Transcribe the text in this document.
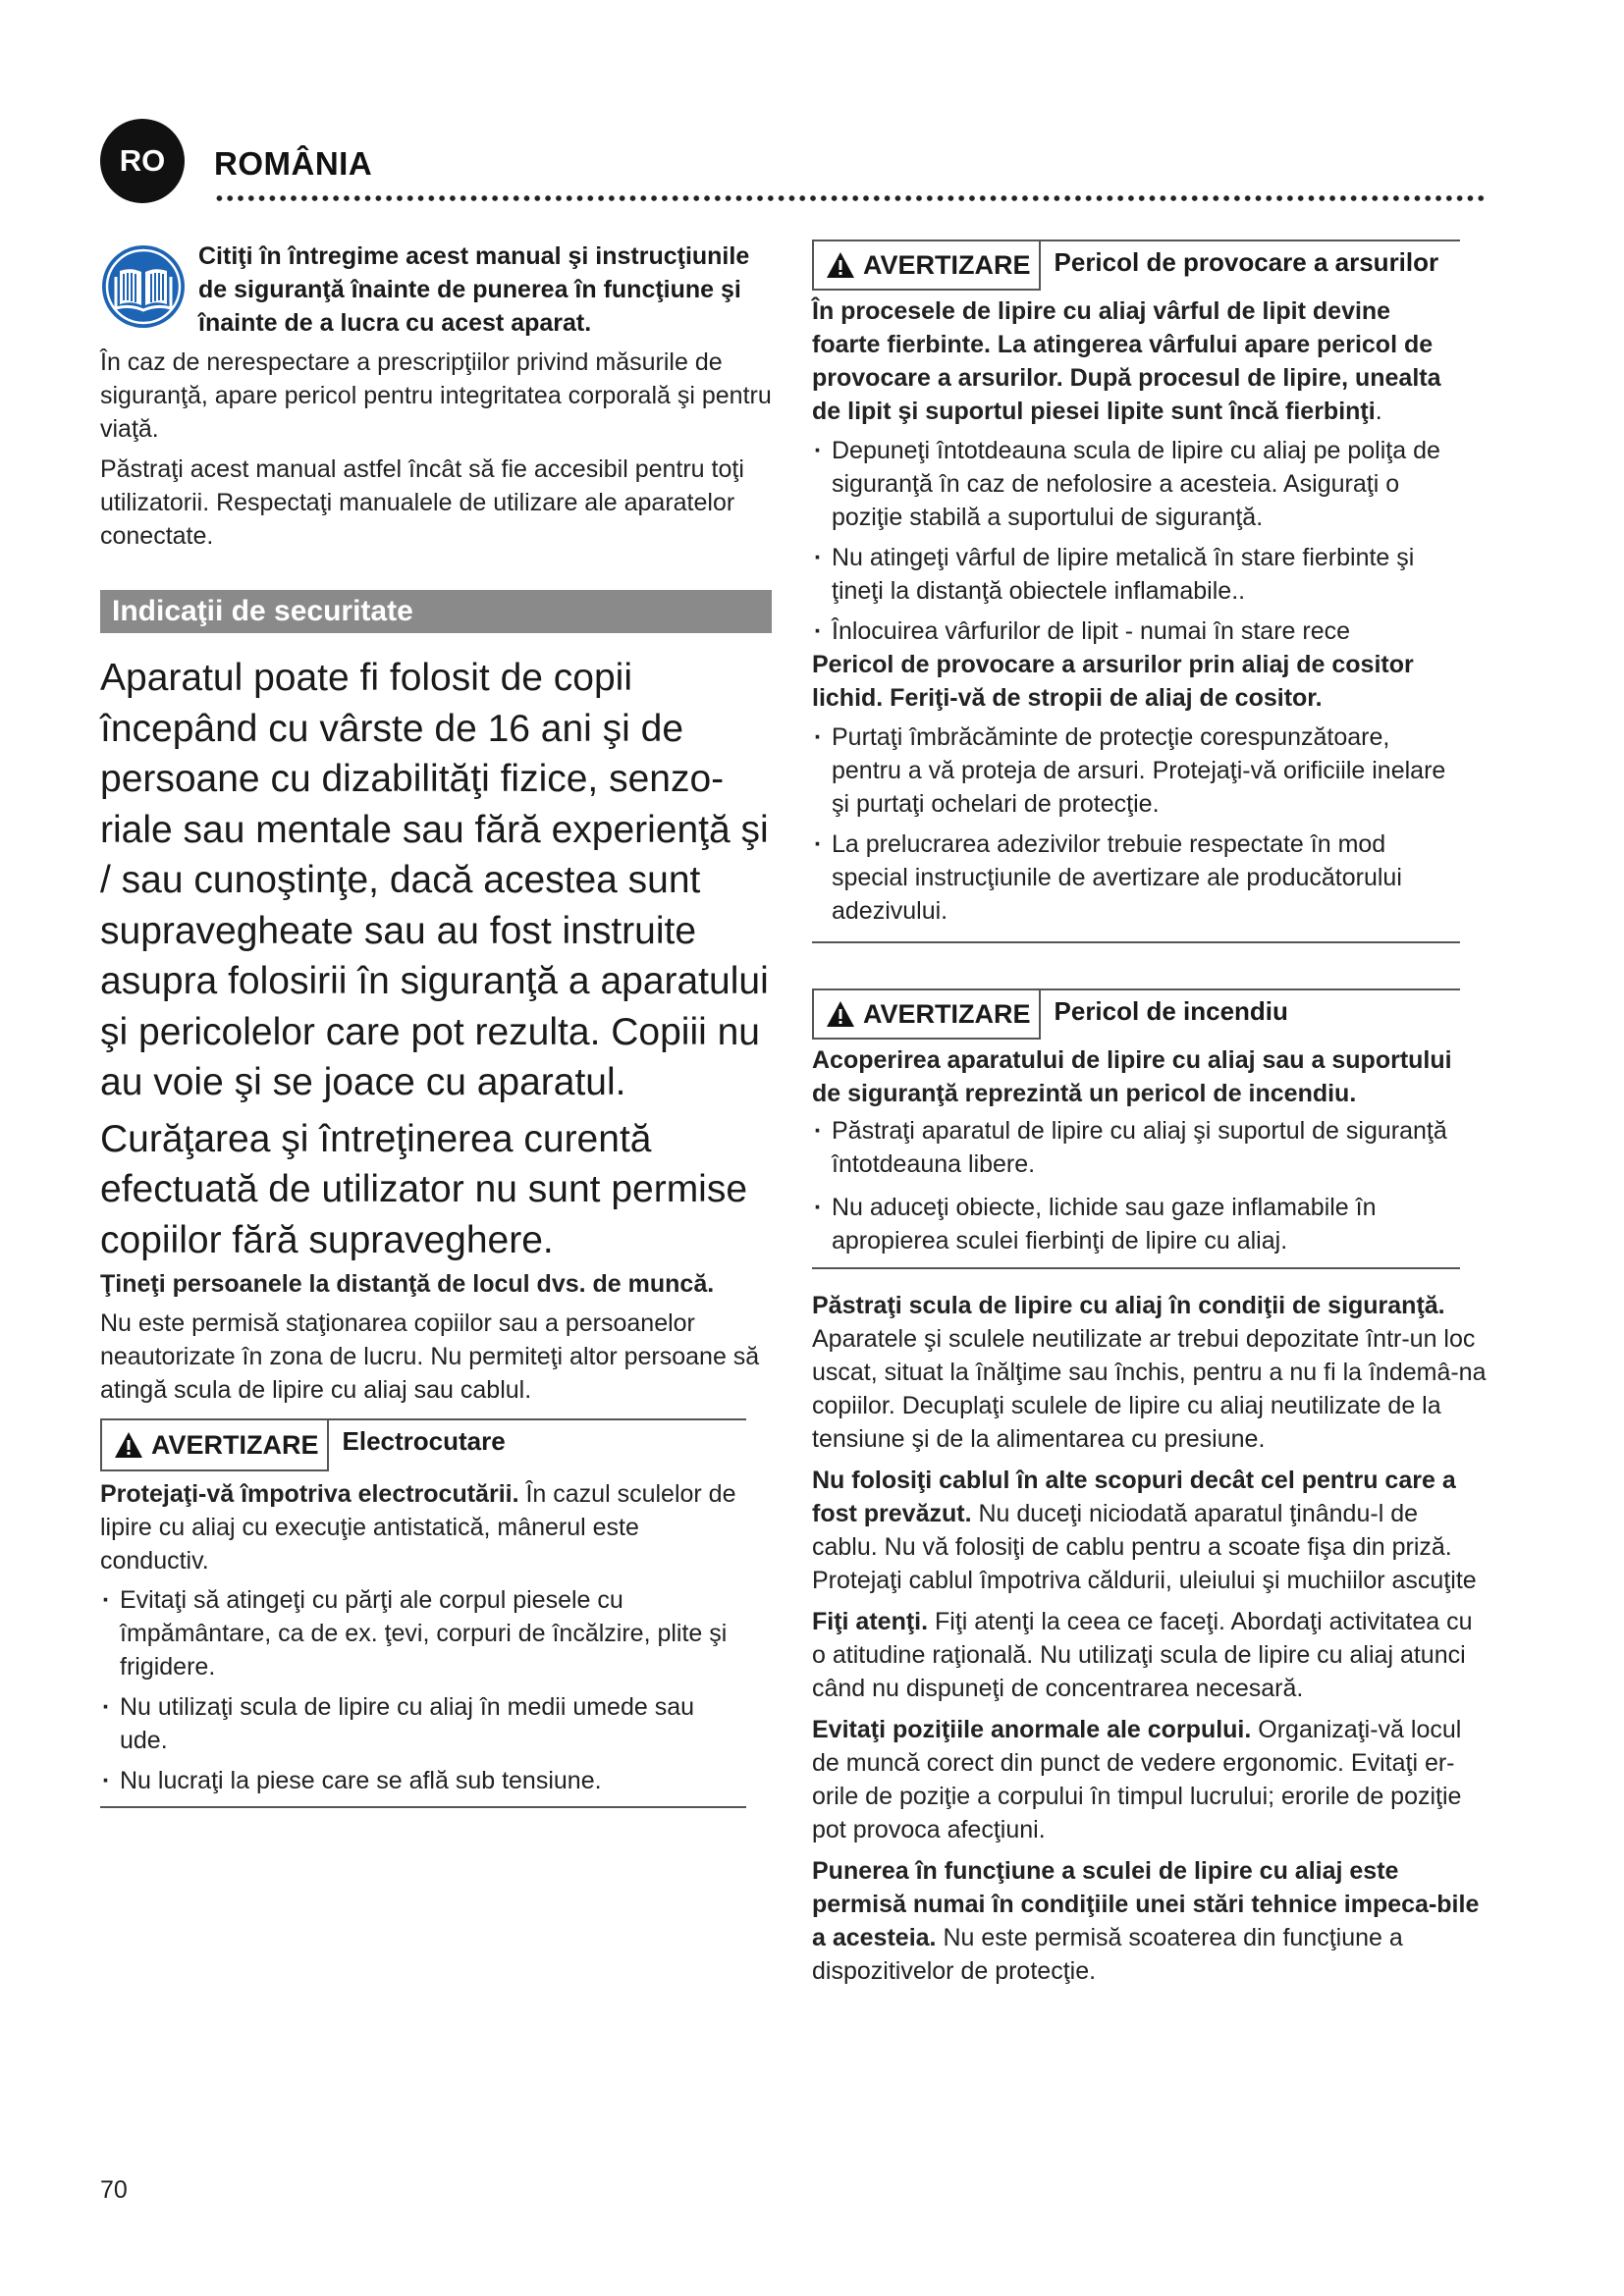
RO	ROMÂNIA

Citiţi în întregime acest manual şi instrucţiunile de siguranţă înainte de punerea în funcţiune şi înainte de a lucra cu acest aparat.

În caz de nerespectare a prescripţiilor privind măsurile de siguranţă, apare pericol pentru integritatea corporală şi pentru viaţă.

Păstraţi acest manual astfel încât să fie accesibil pentru toţi utilizatorii. Respectaţi manualele de utilizare ale aparatelor conectate.

Indicaţii de securitate

Aparatul poate fi folosit de copii începând cu vârste de 16 ani şi de persoane cu dizabilităţi fizice, senzo-riale sau mentale sau fără experienţă şi / sau cunoştinţe, dacă acestea sunt supravegheate sau au fost instruite asupra folosirii în siguranţă a aparatului şi pericolelor care pot rezulta. Copiii nu au voie şi se joace cu aparatul.

Curăţarea şi întreţinerea curentă efectuată de utilizator nu sunt permise copiilor fără supraveghere.

Ţineţi persoanele la distanţă de locul dvs. de muncă.

Nu este permisă staţionarea copiilor sau a persoanelor neautorizate în zona de lucru. Nu permiteţi altor persoane să atingă scula de lipire cu aliaj sau cablul.

AVERTIZARE Electrocutare

Protejaţi-vă împotriva electrocutării. În cazul sculelor de lipire cu aliaj cu execuţie antistatică, mânerul este conductiv.

· Evitaţi să atingeţi cu părţi ale corpul piesele cu împământare, ca de ex. ţevi, corpuri de încălzire, plite şi frigidere.
· Nu utilizaţi scula de lipire cu aliaj în medii umede sau ude.
· Nu lucraţi la piese care se află sub tensiune.
AVERTIZARE Pericol de provocare a arsurilor

În procesele de lipire cu aliaj vârful de lipit devine foarte fierbinte. La atingerea vârfului apare pericol de provocare a arsurilor. După procesul de lipire, unealta de lipit şi suportul piesei lipite sunt încă fierbinţi.

· Depuneţi întotdeauna scula de lipire cu aliaj pe poliţa de siguranţă în caz de nefolosire a acesteia. Asiguraţi o poziţie stabilă a suportului de siguranţă.
· Nu atingeţi vârful de lipire metalică în stare fierbinte şi ţineţi la distanţă obiectele inflamabile..
· Înlocuirea vârfurilor de lipit - numai în stare rece

Pericol de provocare a arsurilor prin aliaj de cositor lichid. Feriţi-vă de stropii de aliaj de cositor.

· Purtaţi îmbrăcăminte de protecţie corespunzătoare, pentru a vă proteja de arsuri. Protejaţi-vă orificiile inelare şi purtaţi ochelari de protecţie.
· La prelucrarea adezivilor trebuie respectate în mod special instrucţiunile de avertizare ale producătorului adezivului.
AVERTIZARE Pericol de incendiu

Acoperirea aparatului de lipire cu aliaj sau a suportului de siguranţă reprezintă un pericol de incendiu.

· Păstraţi aparatul de lipire cu aliaj şi suportul de siguranţă întotdeauna libere.
· Nu aduceţi obiecte, lichide sau gaze inflamabile în apropierea sculei fierbinţi de lipire cu aliaj.

Păstraţi scula de lipire cu aliaj în condiţii de siguranţă. Aparatele şi sculele neutilizate ar trebui depozitate într-un loc uscat, situat la înălţime sau închis, pentru a nu fi la îndemâ-na copiilor. Decuplaţi sculele de lipire cu aliaj neutilizate de la tensiune şi de la alimentarea cu presiune.

Nu folosiţi cablul în alte scopuri decât cel pentru care a fost prevăzut. Nu duceţi niciodată aparatul ţinându-l de cablu. Nu vă folosiţi de cablu pentru a scoate fişa din priză. Protejaţi cablul împotriva căldurii, uleiului şi muchiilor ascuţite

Fiţi atenţi. Fiţi atenţi la ceea ce faceţi. Abordaţi activitatea cu o atitudine raţională. Nu utilizaţi scula de lipire cu aliaj atunci când nu dispuneţi de concentrarea necesară.

Evitaţi poziţiile anormale ale corpului. Organizaţi-vă locul de muncă corect din punct de vedere ergonomic. Evitaţi er-orile de poziţie a corpului în timpul lucrului; erorile de poziţie pot provoca afecţiuni.

Punerea în funcţiune a sculei de lipire cu aliaj este permisă numai în condiţiile unei stări tehnice impeca-bile a acesteia. Nu este permisă scoaterea din funcţiune a dispozitivelor de protecţie.

70
